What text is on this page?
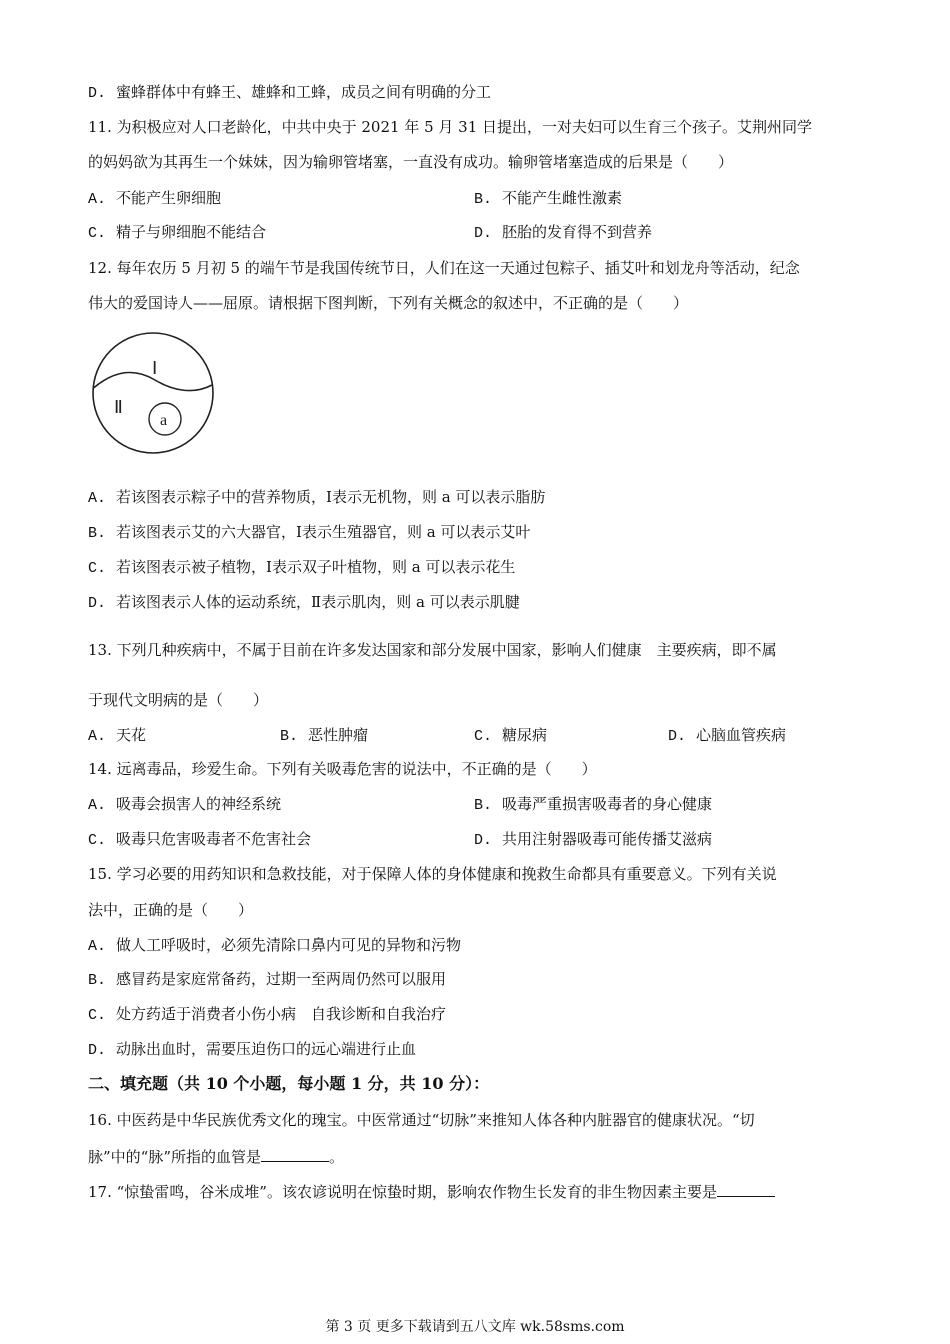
D. 蜜蜂群体中有蜂王、雄蜂和工蜂，成员之间有明确的分工
11. 为积极应对人口老龄化，中共中央于 2021 年 5 月 31 日提出，一对夫妇可以生育三个孩子。艾荆州同学
的妈妈欲为其再生一个妹妹，因为输卵管堵塞，一直没有成功。输卵管堵塞造成的后果是（　　）
A. 不能产生卵细胞	B. 不能产生雌性激素
C. 精子与卵细胞不能结合	D. 胚胎的发育得不到营养
12. 每年农历 5 月初 5 的端午节是我国传统节日，人们在这一天通过包粽子、插艾叶和划龙舟等活动，纪念
伟大的爱国诗人——屈原。请根据下图判断，下列有关概念的叙述中，不正确的是（　　）
Ⅰ
Ⅱ
a
A. 若该图表示粽子中的营养物质，Ⅰ表示无机物，则 a 可以表示脂肪
B. 若该图表示艾的六大器官，Ⅰ表示生殖器官，则 a 可以表示艾叶
C. 若该图表示被子植物，Ⅰ表示双子叶植物，则 a 可以表示花生
D. 若该图表示人体的运动系统，Ⅱ表示肌肉，则 a 可以表示肌腱
13. 下列几种疾病中，不属于目前在许多发达国家和部分发展中国家，影响人们健康　主要疾病，即不属
于现代文明病的是（　　）
A. 天花	B. 恶性肿瘤	C. 糖尿病	D. 心脑血管疾病
14. 远离毒品，珍爱生命。下列有关吸毒危害的说法中，不正确的是（　　）
A. 吸毒会损害人的神经系统	B. 吸毒严重损害吸毒者的身心健康
C. 吸毒只危害吸毒者不危害社会	D. 共用注射器吸毒可能传播艾滋病
15. 学习必要的用药知识和急救技能，对于保障人体的身体健康和挽救生命都具有重要意义。下列有关说
法中，正确的是（　　）
A. 做人工呼吸时，必须先清除口鼻内可见的异物和污物
B. 感冒药是家庭常备药，过期一至两周仍然可以服用
C. 处方药适于消费者小伤小病　自我诊断和自我治疗
D. 动脉出血时，需要压迫伤口的远心端进行止血
二、填充题（共 10 个小题，每小题 1 分，共 10 分）：
16. 中医药是中华民族优秀文化的瑰宝。中医常通过“切脉”来推知人体各种内脏器官的健康状况。“切
脉”中的“脉”所指的血管是	。
17. “惊蛰雷鸣，谷米成堆”。该农谚说明在惊蛰时期，影响农作物生长发育的非生物因素主要是
第 3 页 更多下载请到五八文库 wk.58sms.com
